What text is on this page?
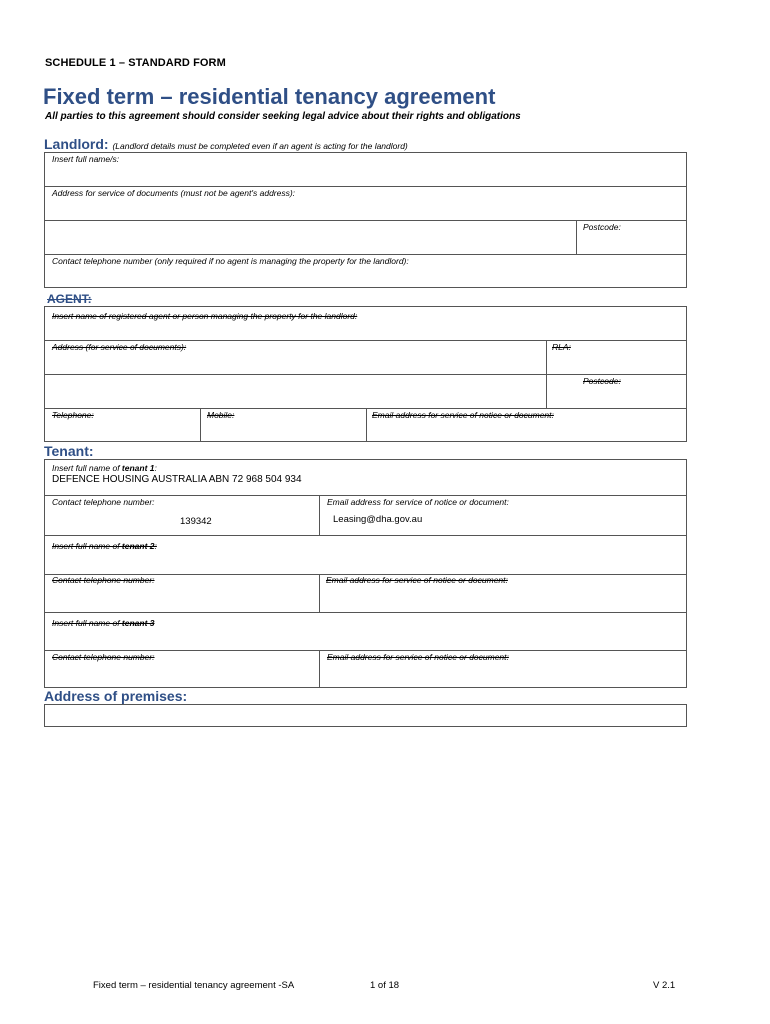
SCHEDULE 1 – STANDARD FORM
Fixed term – residential tenancy agreement
All parties to this agreement should consider seeking legal advice about their rights and obligations
Landlord: (Landlord details must be completed even if an agent is acting for the landlord)
Insert full name/s:
Address for service of documents (must not be agent's address):
Postcode:
Contact telephone number (only required if no agent is managing the property for the landlord):
AGENT:
Insert name of registered agent or person managing the property for the landlord:
Address (for service of documents):	RLA:
Postcode:
Telephone:	Mobile:	Email address for service of notice or document:
Tenant:
Insert full name of tenant 1:
DEFENCE HOUSING AUSTRALIA ABN 72 968 504 934
Contact telephone number:
139342
Email address for service of notice or document:
Leasing@dha.gov.au
Insert full name of tenant 2:
Contact telephone number:	Email address for service of notice or document:
Insert full name of tenant 3
Contact telephone number:	Email address for service of notice or document:
Address of premises:
Fixed term – residential tenancy agreement -SA	1 of 18	V 2.1
